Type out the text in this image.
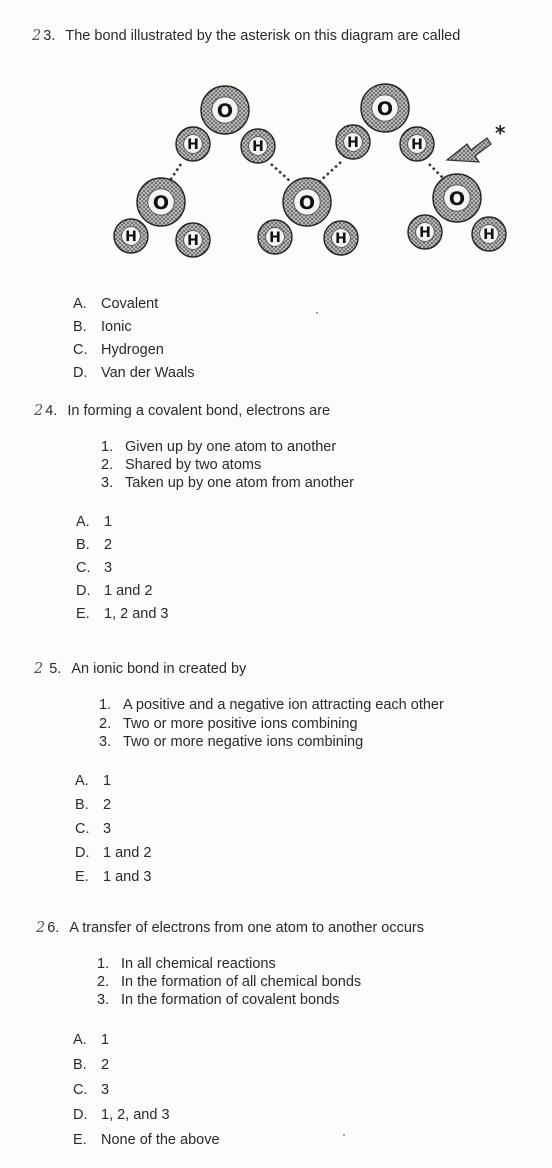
2 3. The bond illustrated by the asterisk on this diagram are called
O
H	H
O
H	H
O
H	H
O
H	H
O
H	H
*
A. Covalent
B. Ionic
C. Hydrogen
D. Van der Waals
2 4. In forming a covalent bond, electrons are
1. Given up by one atom to another
2. Shared by two atoms
3. Taken up by one atom from another
A. 1
B. 2
C. 3
D. 1 and 2
E. 1, 2 and 3
2 5. An ionic bond in created by
1. A positive and a negative ion attracting each other
2. Two or more positive ions combining
3. Two or more negative ions combining
A. 1
B. 2
C. 3
D. 1 and 2
E. 1 and 3
2 6. A transfer of electrons from one atom to another occurs
1. In all chemical reactions
2. In the formation of all chemical bonds
3. In the formation of covalent bonds
A. 1
B. 2
C. 3
D. 1, 2, and 3
E. None of the above
